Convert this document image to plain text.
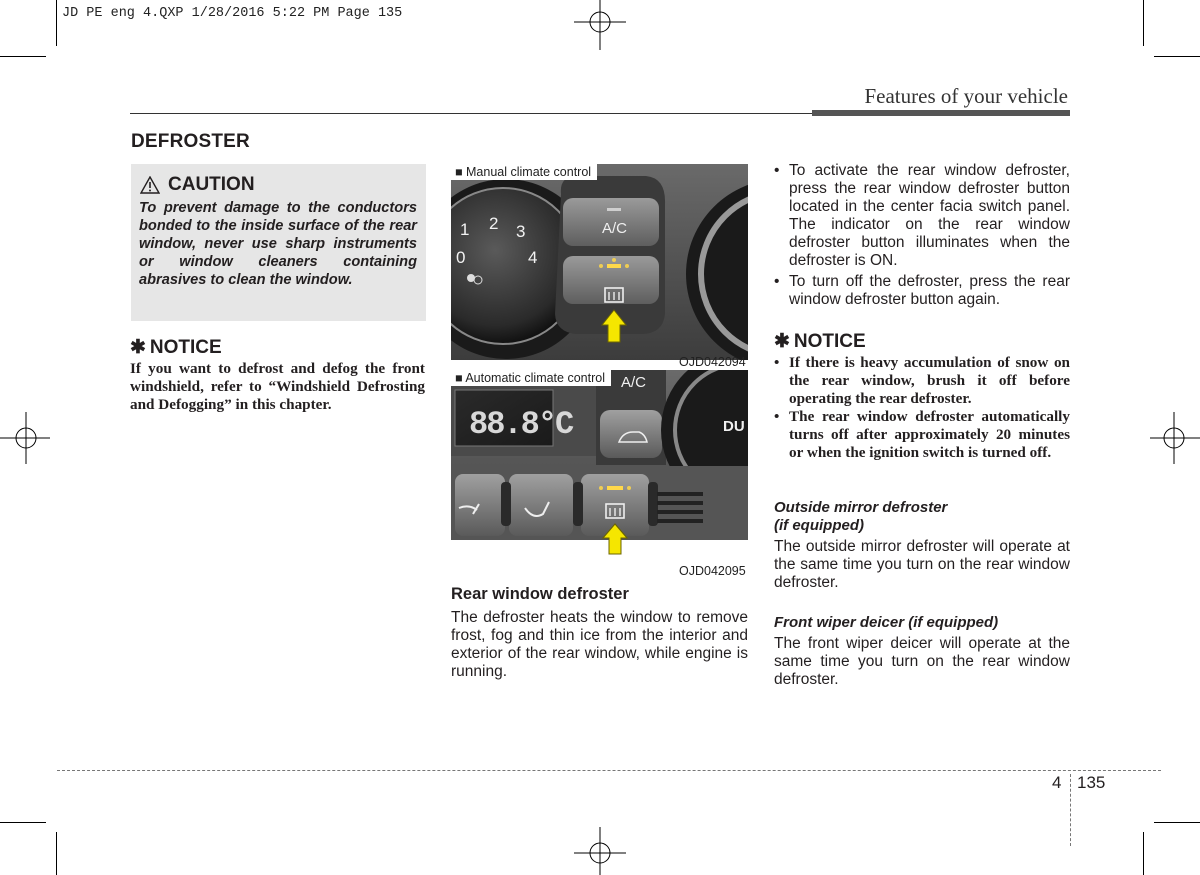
JD PE eng 4.QXP 1/28/2016 5:22 PM Page 135
Features of your vehicle
DEFROSTER
CAUTION
To prevent damage to the conductors bonded to the inside surface of the rear window, never use sharp instruments or window cleaners containing abrasives to clean the window.
✱ NOTICE
If you want to defrost and defog the front windshield, refer to “Windshield Defrosting and Defogging” in this chapter.
1 2 3
0	4
A/C
■ Manual climate control
OJD042094
88.8°C
A/C
DU
■ Automatic climate control
OJD042095
Rear window defroster
The defroster heats the window to remove frost, fog and thin ice from the interior and exterior of the rear window, while engine is running.
• To activate the rear window defroster, press the rear window defroster button located in the center facia switch panel. The indicator on the rear window defroster button illuminates when the defroster is ON.
• To turn off the defroster, press the rear window defroster button again.
✱ NOTICE
• If there is heavy accumulation of snow on the rear window, brush it off before operating the rear defroster.
• The rear window defroster automatically turns off after approximately 20 minutes or when the ignition switch is turned off.
Outside mirror defroster
(if equipped)
The outside mirror defroster will operate at the same time you turn on the rear window defroster.
Front wiper deicer (if equipped)
The front wiper deicer will operate at the same time you turn on the rear window defroster.
4 135
